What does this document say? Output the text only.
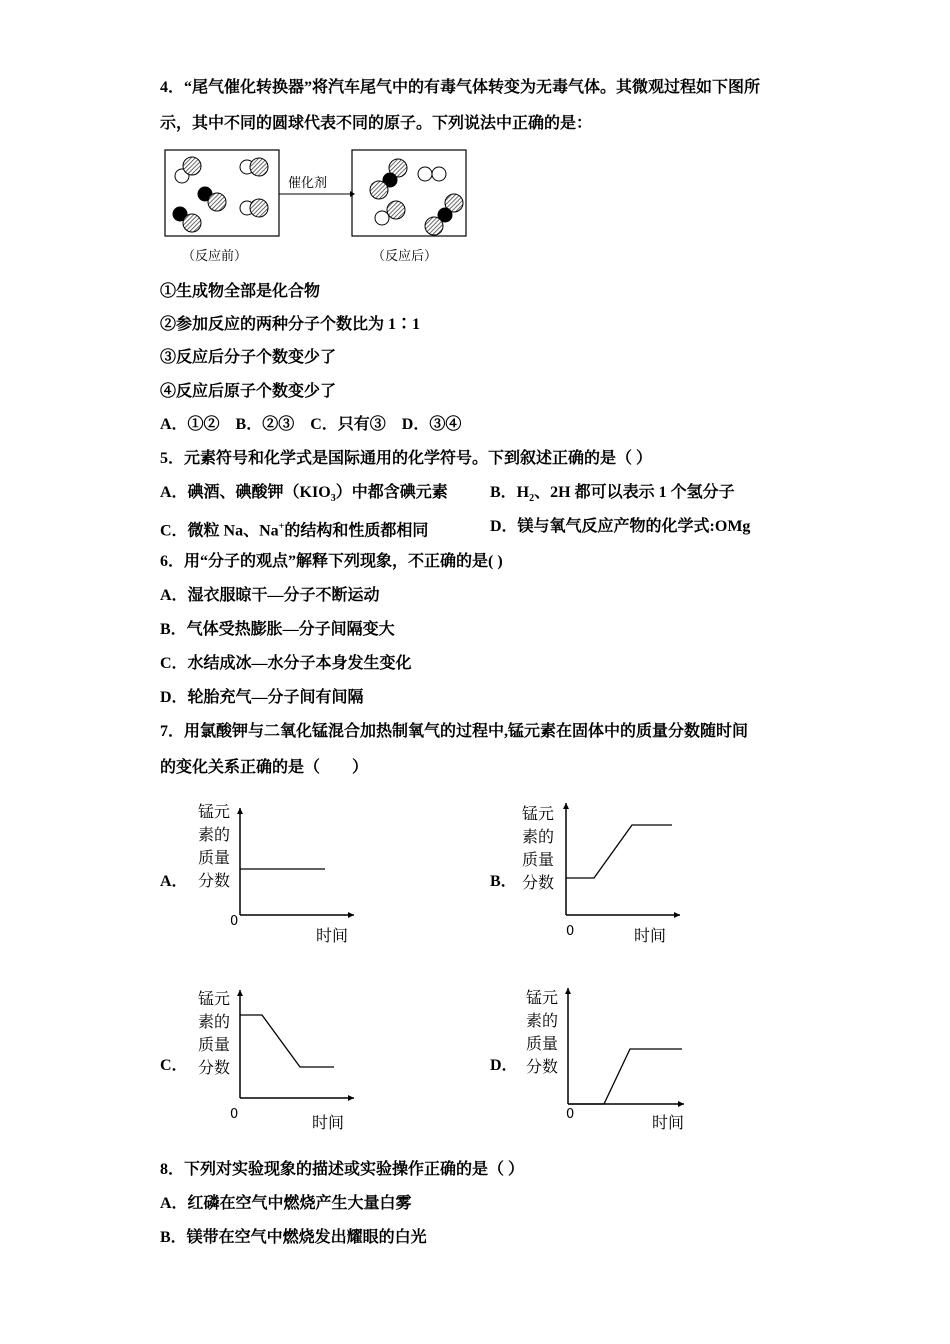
4．“尾气催化转换器”将汽车尾气中的有毒气体转变为无毒气体。其微观过程如下图所
示，其中不同的圆球代表不同的原子。下列说法中正确的是：
催化剂
（反应前）	（反应后）
①生成物全部是化合物
②参加反应的两种分子个数比为 1∶1
③反应后分子个数变少了
④反应后原子个数变少了
A．①②　B．②③　C．只有③　D．③④
5．元素符号和化学式是国际通用的化学符号。下到叙述正确的是（ ）
A．碘酒、碘酸钾$(KIO_3)$中都含碘元素	B．$H_2$、2H 都可以表示 1 个氢分子
C．微粒 Na、Na+的结构和性质都相同	D．镁与氧气反应产物的化学式:OMg
6．用“分子的观点”解释下列现象，不正确的是( )
A．湿衣服晾干—分子不断运动
B．气体受热膨胀—分子间隔变大
C．水结成冰—水分子本身发生变化
D．轮胎充气—分子间有间隔
7．用氯酸钾与二氧化锰混合加热制氧气的过程中,锰元素在固体中的质量分数随时间
的变化关系正确的是（　　）
A．
锰元
素的
质量
分数
0
时间
B．
锰元
素的
质量
分数
0	时间
C．
锰元
素的
质量
分数
0	时间
D．
锰元
素的
质量
分数
0	时间
8．下列对实验现象的描述或实验操作正确的是（ ）
A．红磷在空气中燃烧产生大量白雾
B．镁带在空气中燃烧发出耀眼的白光
